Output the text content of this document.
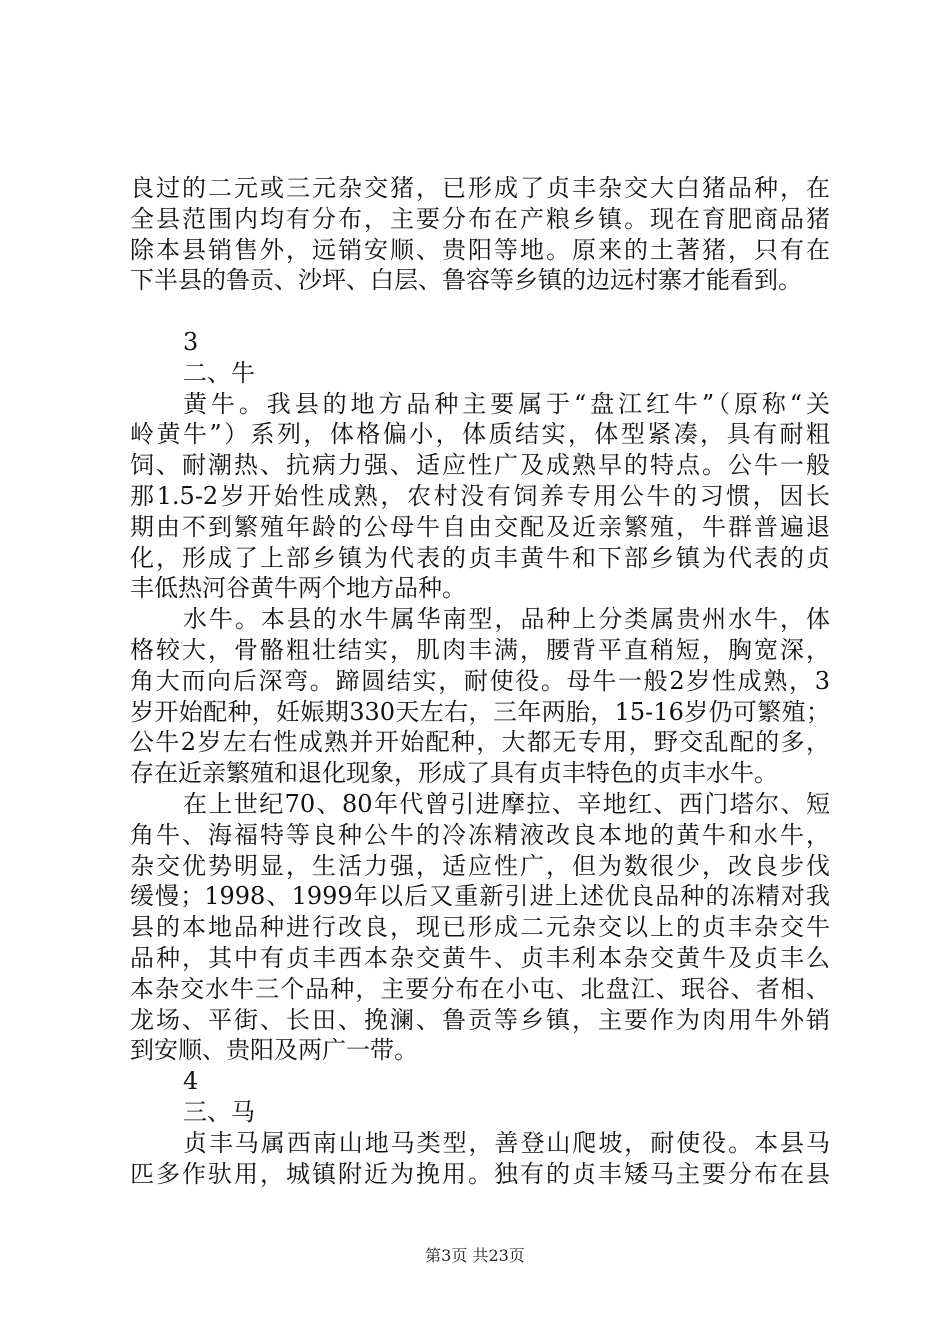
良过的二元或三元杂交猪，已形成了贞丰杂交大白猪品种，在
全县范围内均有分布，主要分布在产粮乡镇。现在育肥商品猪
除本县销售外，远销安顺、贵阳等地。原来的土著猪，只有在
下半县的鲁贡、沙坪、白层、鲁容等乡镇的边远村寨才能看到。
3
二、牛
黄牛。我县的地方品种主要属于“盘江红牛”（原称“关
岭黄牛”）系列，体格偏小，体质结实，体型紧凑，具有耐粗
饲、耐潮热、抗病力强、适应性广及成熟早的特点。公牛一般
那1.5-2岁开始性成熟，农村没有饲养专用公牛的习惯，因长
期由不到繁殖年龄的公母牛自由交配及近亲繁殖，牛群普遍退
化，形成了上部乡镇为代表的贞丰黄牛和下部乡镇为代表的贞
丰低热河谷黄牛两个地方品种。
水牛。本县的水牛属华南型，品种上分类属贵州水牛，体
格较大，骨骼粗壮结实，肌肉丰满，腰背平直稍短，胸宽深，
角大而向后深弯。蹄圆结实，耐使役。母牛一般2岁性成熟，3
岁开始配种，妊娠期330天左右，三年两胎，15-16岁仍可繁殖；
公牛2岁左右性成熟并开始配种，大都无专用，野交乱配的多，
存在近亲繁殖和退化现象，形成了具有贞丰特色的贞丰水牛。
在上世纪70、80年代曾引进摩拉、辛地红、西门塔尔、短
角牛、海福特等良种公牛的冷冻精液改良本地的黄牛和水牛，
杂交优势明显，生活力强，适应性广，但为数很少，改良步伐
缓慢；1998、1999年以后又重新引进上述优良品种的冻精对我
县的本地品种进行改良，现已形成二元杂交以上的贞丰杂交牛
品种，其中有贞丰西本杂交黄牛、贞丰利本杂交黄牛及贞丰么
本杂交水牛三个品种，主要分布在小屯、北盘江、珉谷、者相、
龙场、平街、长田、挽澜、鲁贡等乡镇，主要作为肉用牛外销
到安顺、贵阳及两广一带。
4
三、马
贞丰马属西南山地马类型，善登山爬坡，耐使役。本县马
匹多作驮用，城镇附近为挽用。独有的贞丰矮马主要分布在县
第3页 共23页
